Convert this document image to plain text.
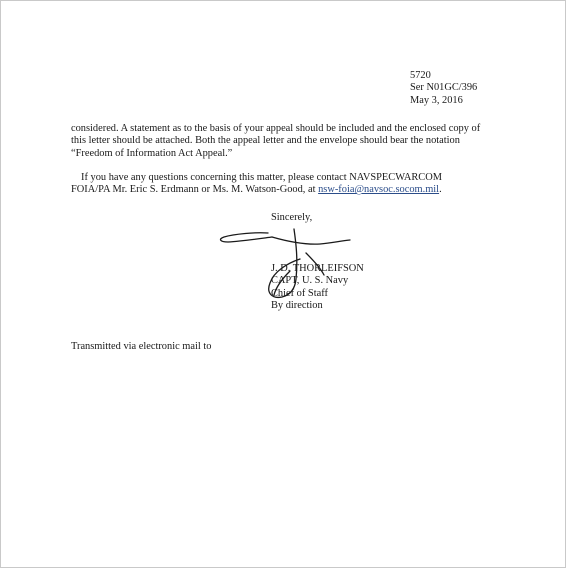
5720
Ser N01GC/396
May 3, 2016
considered. A statement as to the basis of your appeal should be included and the enclosed copy of
this letter should be attached. Both the appeal letter and the envelope should bear the notation
“Freedom of Information Act Appeal.”
If you have any questions concerning this matter, please contact NAVSPECWARCOM
FOIA/PA Mr. Eric S. Erdmann or Ms. M. Watson-Good, at nsw-foia@navsoc.socom.mil.
Sincerely,
J. D. THORLEIFSON
CAPT, U. S. Navy
Chief of Staff
By direction
Transmitted via electronic mail to
